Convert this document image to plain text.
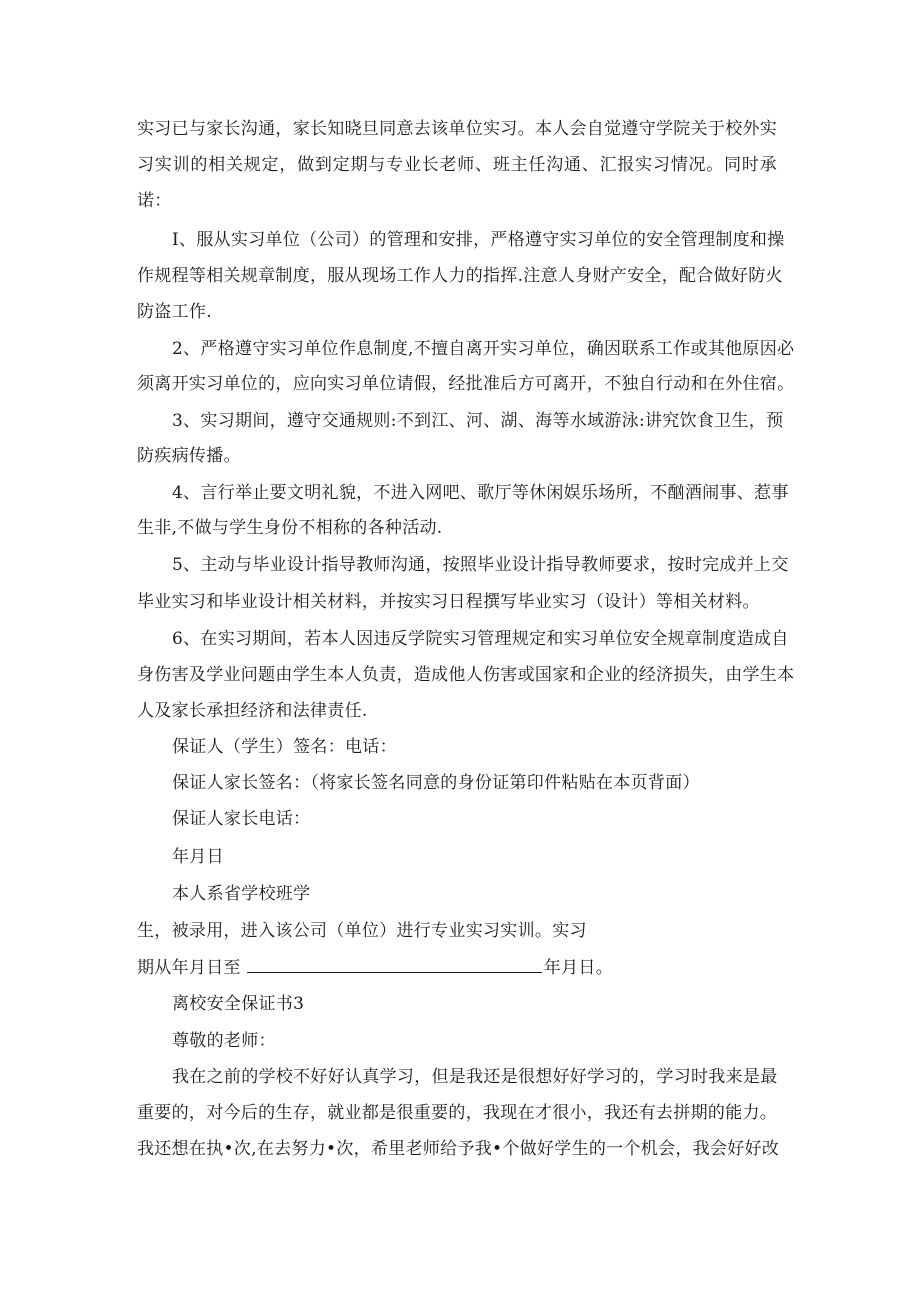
实习已与家长沟通，家长知晓旦同意去该单位实习。本人会自觉遵守学院关于校外实
习实训的相关规定，做到定期与专业长老师、班主任沟通、汇报实习情况。同时承
诺：
I、服从实习单位（公司）的管理和安排，严格遵守实习单位的安全管理制度和操
作规程等相关规章制度，服从现场工作人力的指挥.注意人身财产安全，配合做好防火
防盗工作.
2、严格遵守实习单位作息制度,不擅自离开实习单位，确因联系工作或其他原因必
须离开实习单位的，应向实习单位请假，经批准后方可离开，不独自行动和在外住宿。
3、实习期间，遵守交通规则:不到江、河、湖、海等水域游泳:讲究饮食卫生，预
防疾病传播。
4、言行举止要文明礼貌，不进入网吧、歌厅等休闲娱乐场所，不酗酒闹事、惹事
生非,不做与学生身份不相称的各种活动.
5、主动与毕业设计指导教师沟通，按照毕业设计指导教师要求，按时完成并上交
毕业实习和毕业设计相关材料，并按实习日程撰写毕业实习（设计）等相关材料。
6、在实习期间，若本人因违反学院实习管理规定和实习单位安全规章制度造成自
身伤害及学业问题由学生本人负责，造成他人伤害或国家和企业的经济损失，由学生本
人及家长承担经济和法律责任.
保证人（学生）签名：电话：
保证人家长签名：（将家长签名同意的身份证第印件粘贴在本页背面）
保证人家长电话：
年月日
本人系省学校班学
生，被录用，进入该公司（单位）进行专业实习实训。实习
期从年月日至	年月日。
离校安全保证书3
尊敬的老师：
我在之前的学校不好好认真学习，但是我还是很想好好学习的，学习时我来是最
重要的，对今后的生存，就业都是很重要的，我现在才很小，我还有去拼期的能力。
我还想在执•次,在去努力•次，希里老师给予我•个做好学生的一个机会，我会好好改
